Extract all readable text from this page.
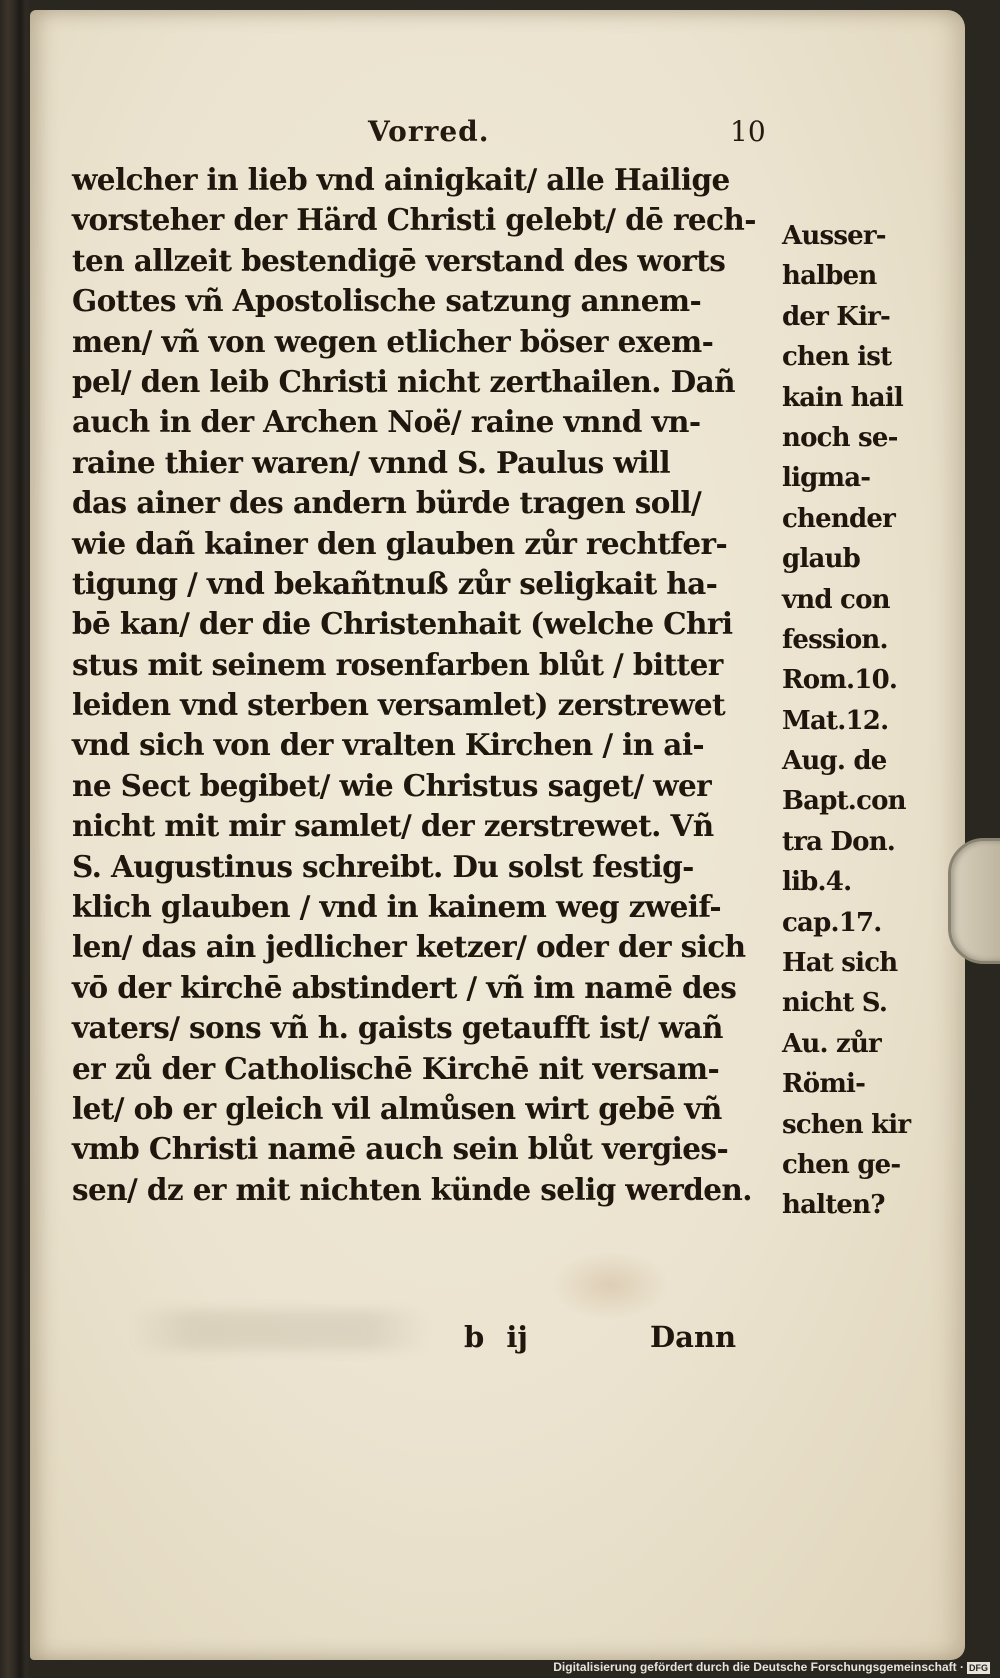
Vorred.	10
welcher in lieb vnd ainigkait/ alle Hailige
vorsteher der Härd Christi gelebt/ dē rech-
ten allzeit bestendigē verstand des worts
Gottes vñ Apostolische satzung annem-
men/ vñ von wegen etlicher böser exem-
pel/ den leib Christi nicht zerthailen. Dañ
auch in der Archen Noë/ raine vnnd vn-
raine thier waren/ vnnd S. Paulus will
das ainer des andern bürde tragen soll/
wie dañ kainer den glauben zůr rechtfer-
tigung / vnd bekañtnuß zůr seligkait ha-
bē kan/ der die Christenhait (welche Chri
stus mit seinem rosenfarben blůt / bitter
leiden vnd sterben versamlet) zerstrewet
vnd sich von der vralten Kirchen / in ai-
ne Sect begibet/ wie Christus saget/ wer
nicht mit mir samlet/ der zerstrewet. Vñ
S. Augustinus schreibt. Du solst festig-
klich glauben / vnd in kainem weg zweif-
len/ das ain jedlicher ketzer/ oder der sich
vō der kirchē abstindert / vñ im namē des
vaters/ sons vñ h. gaists getaufft ist/ wañ
er zů der Catholischē Kirchē nit versam-
let/ ob er gleich vil almůsen wirt gebē vñ
vmb Christi namē auch sein blůt vergies-
sen/ dz er mit nichten künde selig werden.
Ausser-
halben
der Kir-
chen ist
kain hail
noch se-
ligma-
chender
glaub
vnd con
fession.
Rom.10.
Mat.12.
Aug. de
Bapt.con
tra Don.
lib.4.
cap.17.
Hat sich
nicht S.
Au. zůr
Römi-
schen kir
chen ge-
halten?
b ij	Dann
Digitalisierung gefördert durch die Deutsche Forschungsgemeinschaft · DFG
